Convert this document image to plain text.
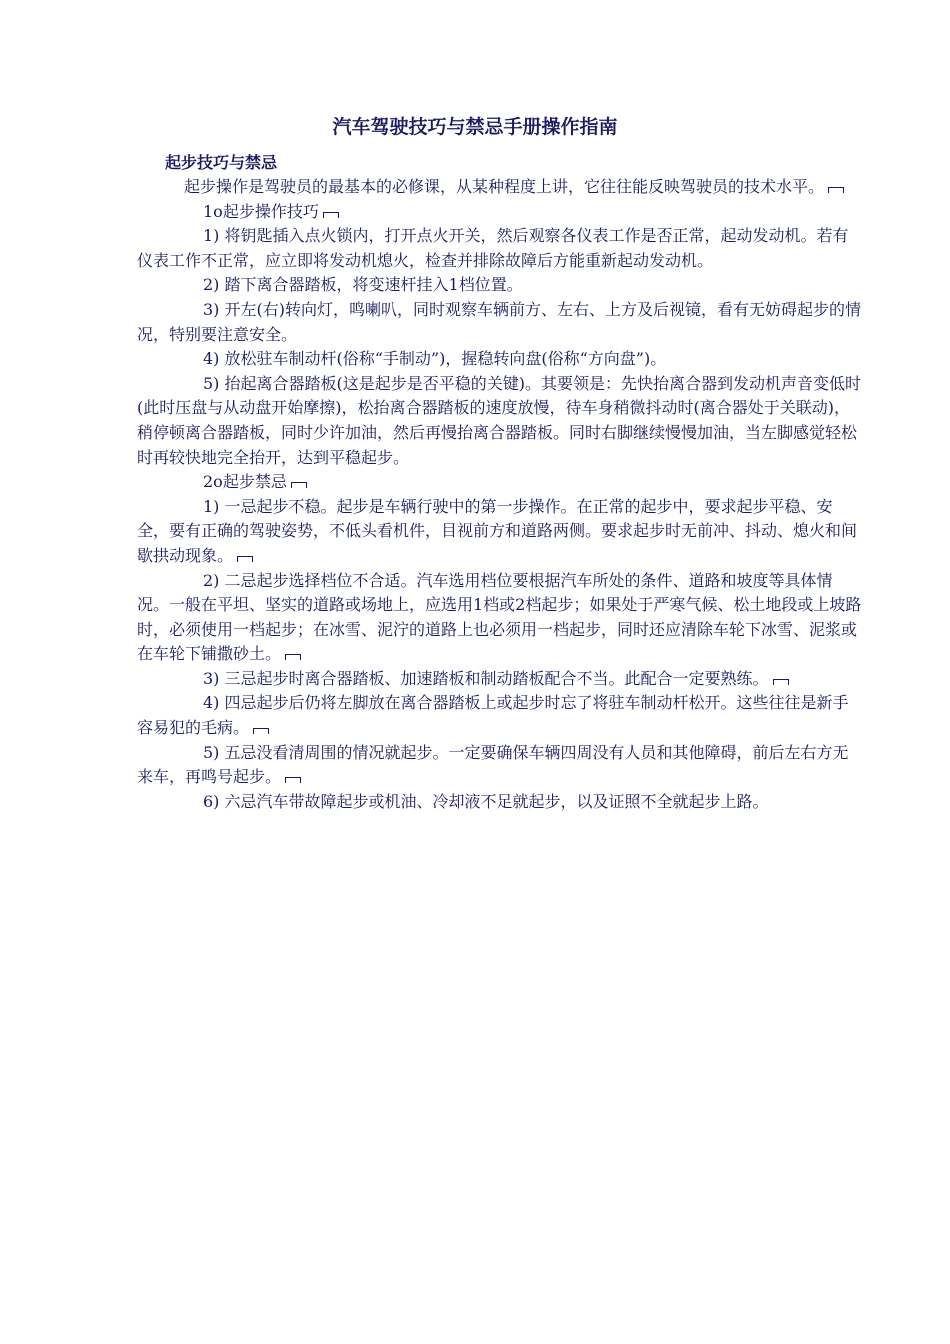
汽车驾驶技巧与禁忌手册操作指南
起步技巧与禁忌

起步操作是驾驶员的最基本的必修课，从某种程度上讲，它往往能反映驾驶员的技术水平。

1o起步操作技巧

1) 将钥匙插入点火锁内，打开点火开关，然后观察各仪表工作是否正常，起动发动机。若有仪表工作不正常，应立即将发动机熄火，检查并排除故障后方能重新起动发动机。

2) 踏下离合器踏板，将变速杆挂入1档位置。

3) 开左(右)转向灯，鸣喇叭，同时观察车辆前方、左右、上方及后视镜，看有无妨碍起步的情况，特别要注意安全。

4) 放松驻车制动杆(俗称“手制动”)，握稳转向盘(俗称“方向盘”)。

5) 抬起离合器踏板(这是起步是否平稳的关键)。其要领是：先快抬离合器到发动机声音变低时(此时压盘与从动盘开始摩擦)，松抬离合器踏板的速度放慢，待车身稍微抖动时(离合器处于关联动)，稍停顿离合器踏板，同时少许加油，然后再慢抬离合器踏板。同时右脚继续慢慢加油，当左脚感觉轻松时再较快地完全抬开，达到平稳起步。

2o起步禁忌

1) 一忌起步不稳。起步是车辆行驶中的第一步操作。在正常的起步中，要求起步平稳、安全，要有正确的驾驶姿势，不低头看机件，目视前方和道路两侧。要求起步时无前冲、抖动、熄火和间歇拱动现象。

2) 二忌起步选择档位不合适。汽车选用档位要根据汽车所处的条件、道路和坡度等具体情况。一般在平坦、坚实的道路或场地上，应选用1档或2档起步；如果处于严寒气候、松土地段或上坡路时，必须使用一档起步；在冰雪、泥泞的道路上也必须用一档起步，同时还应清除车轮下冰雪、泥浆或在车轮下铺撒砂土。

3) 三忌起步时离合器踏板、加速踏板和制动踏板配合不当。此配合一定要熟练。

4) 四忌起步后仍将左脚放在离合器踏板上或起步时忘了将驻车制动杆松开。这些往往是新手容易犯的毛病。

5) 五忌没看清周围的情况就起步。一定要确保车辆四周没有人员和其他障碍，前后左右方无来车，再鸣号起步。

6) 六忌汽车带故障起步或机油、冷却液不足就起步，以及证照不全就起步上路。
